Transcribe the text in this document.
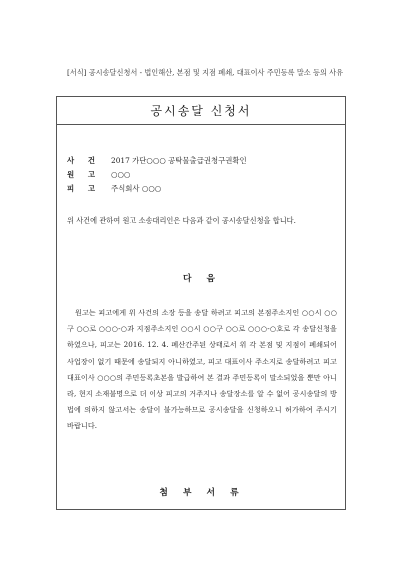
[서식] 공시송달신청서 - 법인해산, 본점 및 지점 폐쇄, 대표이사 주민등록 말소 등의 사유
공시송달 신청서
사 건 2017 가단○○○ 공탁물출급권청구권확인
원 고 ○○○
피 고 주식회사 ○○○
위 사건에 관하여 원고 소송대리인은 다음과 같이 공시송달신청을 합니다.
다 음
원고는 피고에게 위 사건의 소장 등을 송달 하려고 피고의 본점주소지인 ○○시 ○○구 ○○로 ○○○-○과 지점주소지인 ○○시 ○○구 ○○로 ○○○-○호로 각 송달신청을 하였으나, 피고는 2016. 12. 4. 폐산간주된 상태로서 위 각 본점 및 지점이 폐쇄되어 사업장이 없기 때문에 송달되지 아니하였고, 피고 대표이사 주소지로 송달하려고 피고 대표이사 ○○○의 주민등록초본을 발급하여 본 결과 주민등록이 말소되었을 뿐만 아니라, 현지 소재불명으로 더 이상 피고의 거주지나 송달장소를 알 수 없어 공시송달의 방법에 의하지 않고서는 송달이 불가능하므로 공시송달을 신청하오니 허가하여 주시기 바랍니다.
첨 부 서 류
